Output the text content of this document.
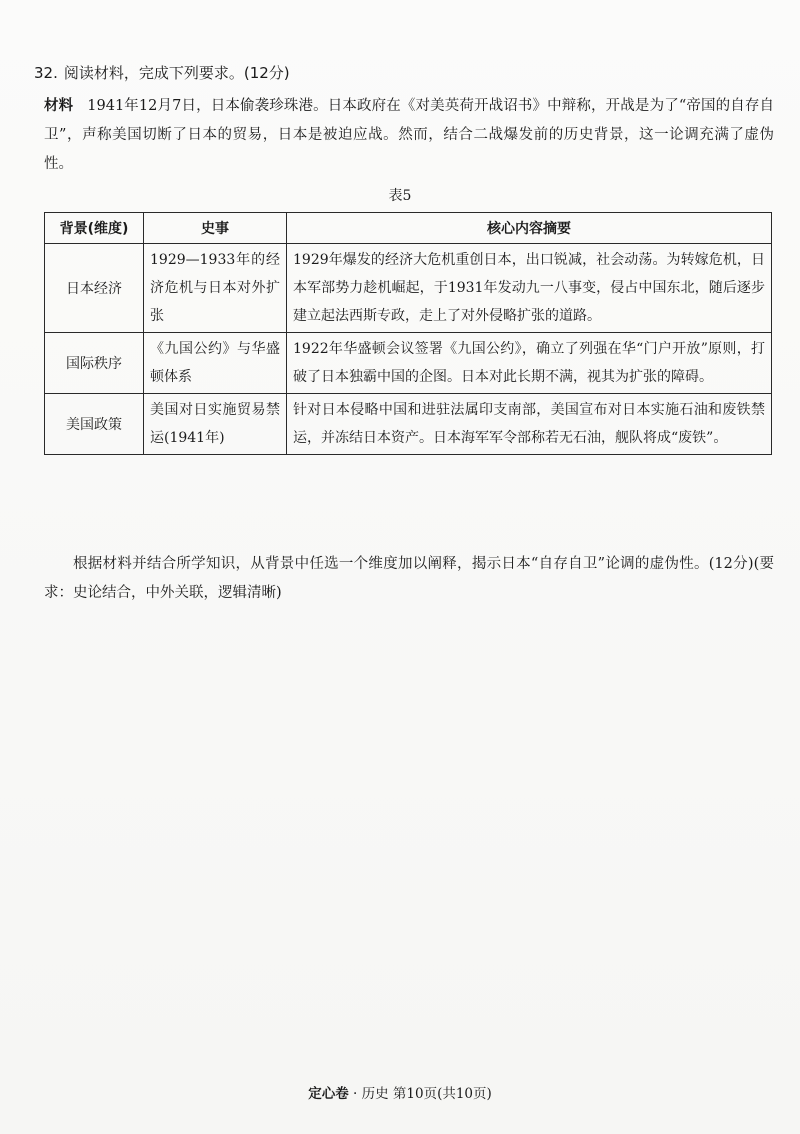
32. 阅读材料，完成下列要求。(12分)
材料 1941年12月7日，日本偷袭珍珠港。日本政府在《对美英荷开战诏书》中辩称，开战是为了“帝国的自存自卫”，声称美国切断了日本的贸易，日本是被迫应战。然而，结合二战爆发前的历史背景，这一论调充满了虚伪性。
表5
背景(维度)	史事	核心内容摘要
日本经济	1929—1933年的经济危机与日本对外扩张	1929年爆发的经济大危机重创日本，出口锐减，社会动荡。为转嫁危机，日本军部势力趁机崛起，于1931年发动九一八事变，侵占中国东北，随后逐步建立起法西斯专政，走上了对外侵略扩张的道路。
国际秩序	《九国公约》与华盛顿体系	1922年华盛顿会议签署《九国公约》，确立了列强在华“门户开放”原则，打破了日本独霸中国的企图。日本对此长期不满，视其为扩张的障碍。
美国政策	美国对日实施贸易禁运(1941年)	针对日本侵略中国和进驻法属印支南部，美国宣布对日本实施石油和废铁禁运，并冻结日本资产。日本海军军令部称若无石油，舰队将成“废铁”。
根据材料并结合所学知识，从背景中任选一个维度加以阐释，揭示日本“自存自卫”论调的虚伪性。(12分)(要求：史论结合，中外关联，逻辑清晰)
定心卷 · 历史 第10页(共10页)
